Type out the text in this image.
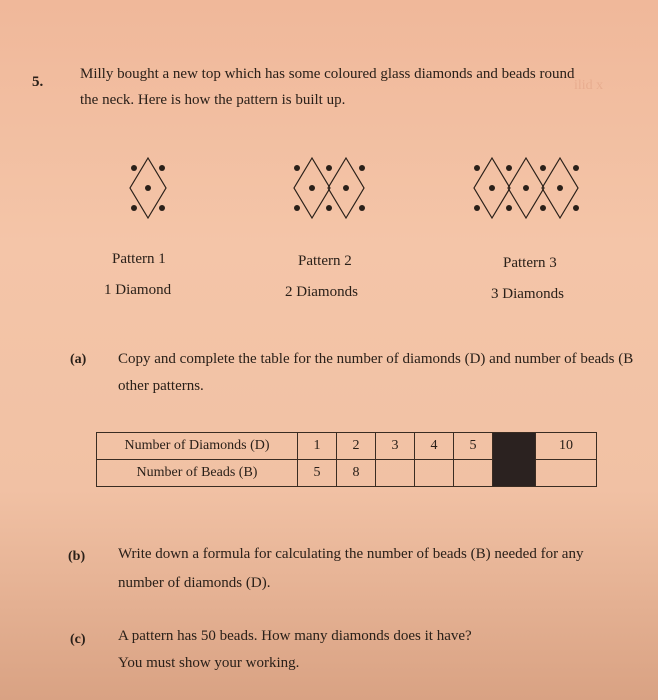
5. Milly bought a new top which has some coloured glass diamonds and beads round
the neck. Here is how the pattern is built up.
ilid x
Pattern 1
1 Diamond
Pattern 2
2 Diamonds
Pattern 3
3 Diamonds
(a) Copy and complete the table for the number of diamonds (D) and number of beads (B
other patterns.
Number of Diamonds (D)	1	2	3	4	5		10
Number of Beads (B)	5	8					
(b) Write down a formula for calculating the number of beads (B) needed for any
number of diamonds (D).
(c) A pattern has 50 beads. How many diamonds does it have?
You must show your working.
